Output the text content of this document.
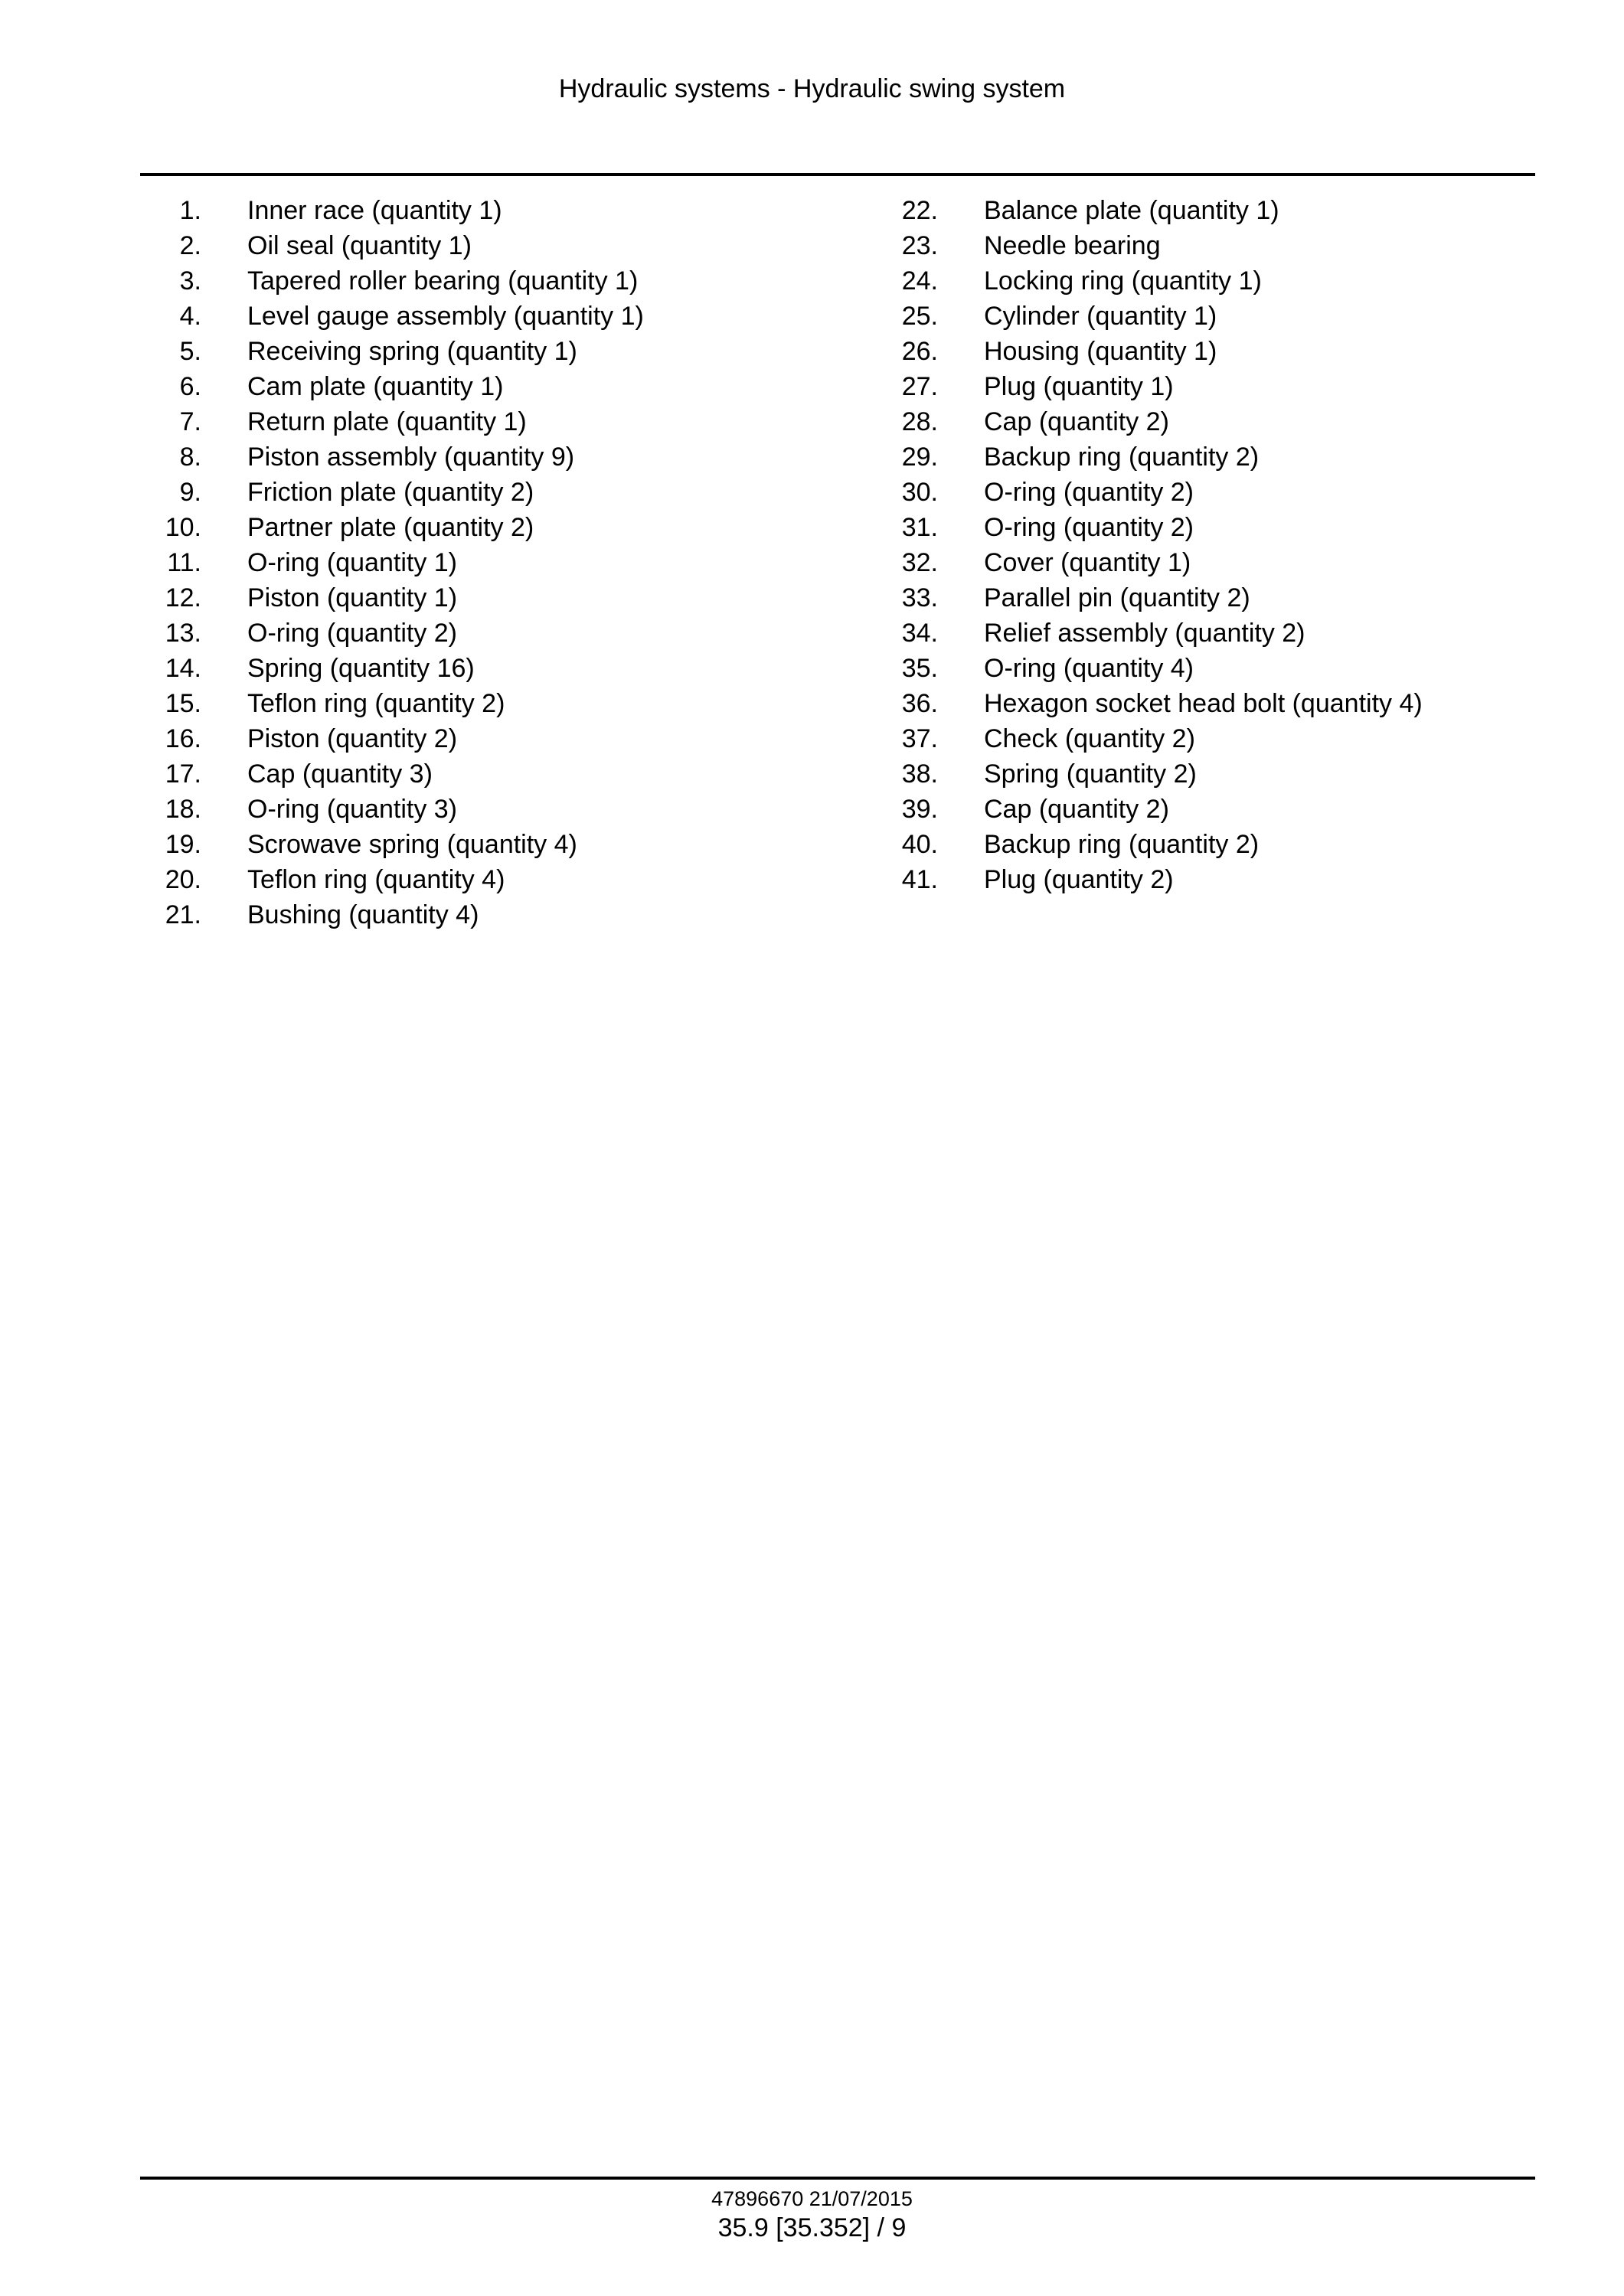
Hydraulic systems - Hydraulic swing system
1. Inner race (quantity 1)
2. Oil seal (quantity 1)
3. Tapered roller bearing (quantity 1)
4. Level gauge assembly (quantity 1)
5. Receiving spring (quantity 1)
6. Cam plate (quantity 1)
7. Return plate (quantity 1)
8. Piston assembly (quantity 9)
9. Friction plate (quantity 2)
10. Partner plate (quantity 2)
11. O-ring (quantity 1)
12. Piston (quantity 1)
13. O-ring (quantity 2)
14. Spring (quantity 16)
15. Teflon ring (quantity 2)
16. Piston (quantity 2)
17. Cap (quantity 3)
18. O-ring (quantity 3)
19. Scrowave spring (quantity 4)
20. Teflon ring (quantity 4)
21. Bushing (quantity 4)
22. Balance plate (quantity 1)
23. Needle bearing
24. Locking ring (quantity 1)
25. Cylinder (quantity 1)
26. Housing (quantity 1)
27. Plug (quantity 1)
28. Cap (quantity 2)
29. Backup ring (quantity 2)
30. O-ring (quantity 2)
31. O-ring (quantity 2)
32. Cover (quantity 1)
33. Parallel pin (quantity 2)
34. Relief assembly (quantity 2)
35. O-ring (quantity 4)
36. Hexagon socket head bolt (quantity 4)
37. Check (quantity 2)
38. Spring (quantity 2)
39. Cap (quantity 2)
40. Backup ring (quantity 2)
41. Plug (quantity 2)
47896670 21/07/2015
35.9 [35.352] / 9
